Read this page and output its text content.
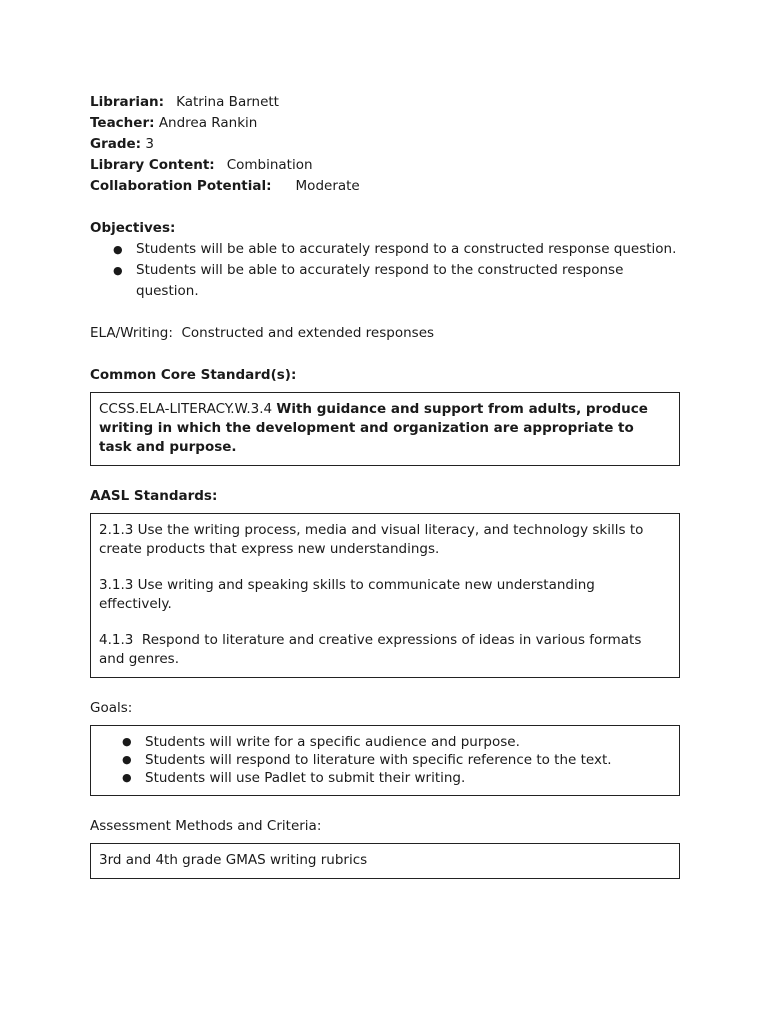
Librarian: Katrina Barnett
Teacher: Andrea Rankin
Grade: 3
Library Content: Combination
Collaboration Potential: Moderate
Objectives:
● Students will be able to accurately respond to a constructed response question.
● Students will be able to accurately respond to the constructed response question.
ELA/Writing:  Constructed and extended responses
Common Core Standard(s):

CCSS.ELA-LITERACY.W.3.4 With guidance and support from adults, produce writing in which the development and organization are appropriate to task and purpose.

AASL Standards:

2.1.3 Use the writing process, media and visual literacy, and technology skills to create products that express new understandings.

3.1.3 Use writing and speaking skills to communicate new understanding effectively.

4.1.3  Respond to literature and creative expressions of ideas in various formats and genres.

Goals:
● Students will write for a specific audience and purpose.
● Students will respond to literature with specific reference to the text.
● Students will use Padlet to submit their writing.
Assessment Methods and Criteria:

3rd and 4th grade GMAS writing rubrics
